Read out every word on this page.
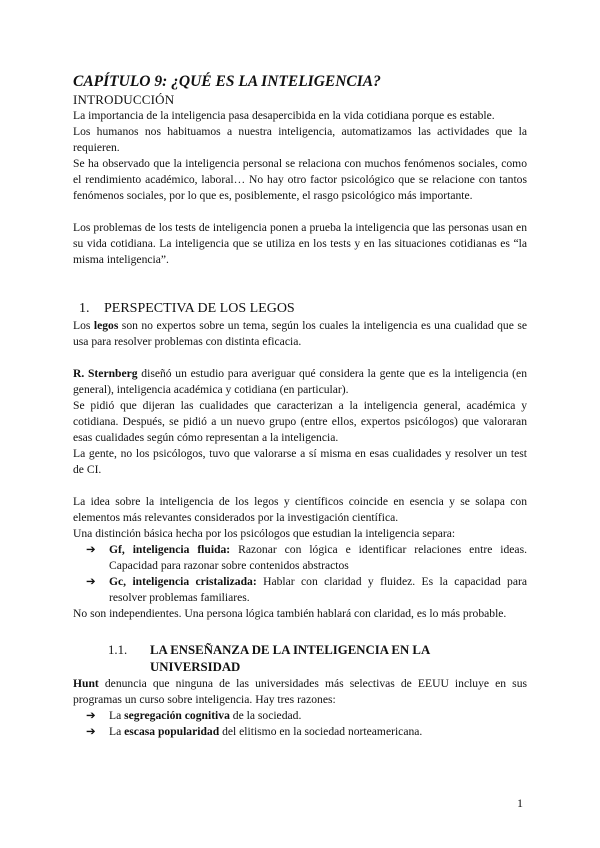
CAPÍTULO 9: ¿QUÉ ES LA INTELIGENCIA?
INTRODUCCIÓN

La importancia de la inteligencia pasa desapercibida en la vida cotidiana porque es estable.

Los humanos nos habituamos a nuestra inteligencia, automatizamos las actividades que la requieren.

Se ha observado que la inteligencia personal se relaciona con muchos fenómenos sociales, como el rendimiento académico, laboral… No hay otro factor psicológico que se relacione con tantos fenómenos sociales, por lo que es, posiblemente, el rasgo psicológico más importante.

Los problemas de los tests de inteligencia ponen a prueba la inteligencia que las personas usan en su vida cotidiana. La inteligencia que se utiliza en los tests y en las situaciones cotidianas es “la misma inteligencia”.

1.	PERSPECTIVA DE LOS LEGOS

Los legos son no expertos sobre un tema, según los cuales la inteligencia es una cualidad que se usa para resolver problemas con distinta eficacia.

R. Sternberg diseñó un estudio para averiguar qué considera la gente que es la inteligencia (en general), inteligencia académica y cotidiana (en particular).

Se pidió que dijeran las cualidades que caracterizan a la inteligencia general, académica y cotidiana. Después, se pidió a un nuevo grupo (entre ellos, expertos psicólogos) que valoraran esas cualidades según cómo representan a la inteligencia.

La gente, no los psicólogos, tuvo que valorarse a sí misma en esas cualidades y resolver un test de CI.

La idea sobre la inteligencia de los legos y científicos coincide en esencia y se solapa con elementos más relevantes considerados por la investigación científica.

Una distinción básica hecha por los psicólogos que estudian la inteligencia separa:

➔ Gf, inteligencia fluida: Razonar con lógica e identificar relaciones entre ideas. Capacidad para razonar sobre contenidos abstractos
➔ Gc, inteligencia cristalizada: Hablar con claridad y fluidez. Es la capacidad para resolver problemas familiares.

No son independientes. Una persona lógica también hablará con claridad, es lo más probable.

1.1.	LA ENSEÑANZA DE LA INTELIGENCIA EN LA UNIVERSIDAD

Hunt denuncia que ninguna de las universidades más selectivas de EEUU incluye en sus programas un curso sobre inteligencia. Hay tres razones:

➔ La segregación cognitiva de la sociedad.
➔ La escasa popularidad del elitismo en la sociedad norteamericana.
1
